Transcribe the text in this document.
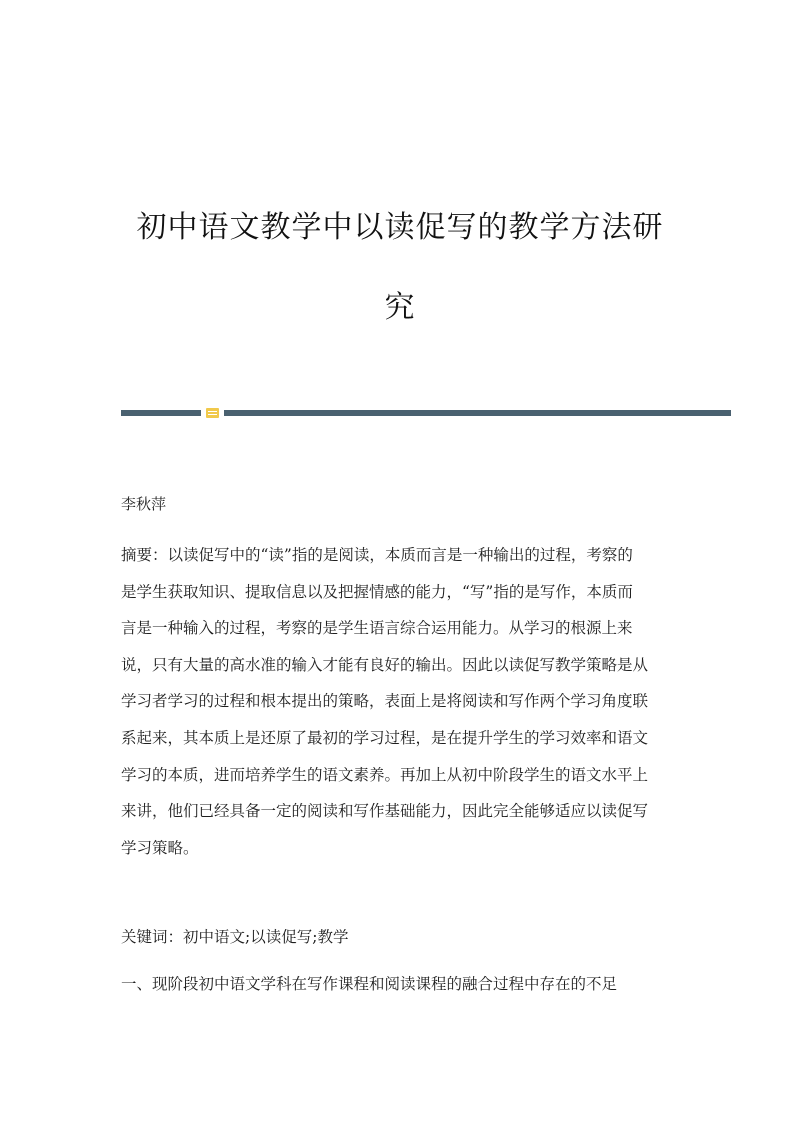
初中语文教学中以读促写的教学方法研
究
李秋萍
摘要：以读促写中的“读”指的是阅读，本质而言是一种输出的过程，考察的
是学生获取知识、提取信息以及把握情感的能力，“写”指的是写作，本质而
言是一种输入的过程，考察的是学生语言综合运用能力。从学习的根源上来
说，只有大量的高水准的输入才能有良好的输出。因此以读促写教学策略是从
学习者学习的过程和根本提出的策略，表面上是将阅读和写作两个学习角度联
系起来，其本质上是还原了最初的学习过程，是在提升学生的学习效率和语文
学习的本质，进而培养学生的语文素养。再加上从初中阶段学生的语文水平上
来讲，他们已经具备一定的阅读和写作基础能力，因此完全能够适应以读促写
学习策略。
关键词：初中语文;以读促写;教学
一、现阶段初中语文学科在写作课程和阅读课程的融合过程中存在的不足
